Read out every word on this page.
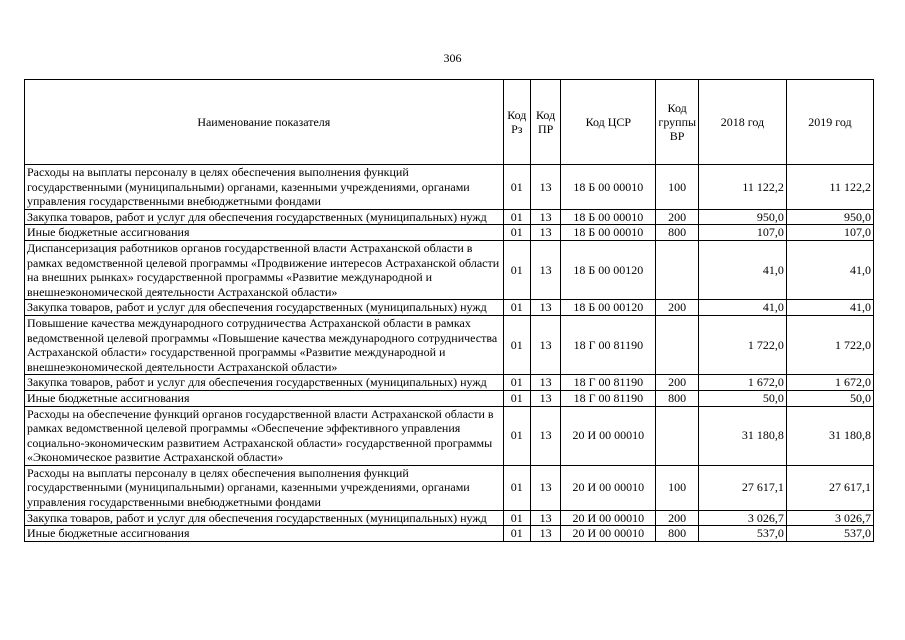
306
Наименование показателя	Код Рз	Код ПР	Код ЦСР	Код группы ВР	2018 год	2019 год
Расходы на выплаты персоналу в целях обеспечения выполнения функций государственными (муниципальными) органами, казенными учреждениями, органами управления государственными внебюджетными фондами	01	13	18 Б 00 00010	100	11 122,2	11 122,2
Закупка товаров, работ и услуг для обеспечения государственных (муниципальных) нужд	01	13	18 Б 00 00010	200	950,0	950,0
Иные бюджетные ассигнования	01	13	18 Б 00 00010	800	107,0	107,0
Диспансеризация работников органов государственной власти Астраханской области в рамках ведомственной целевой программы «Продвижение интересов Астраханской области на внешних рынках» государственной программы «Развитие международной и внешнеэкономической деятельности Астраханской области»	01	13	18 Б 00 00120		41,0	41,0
Закупка товаров, работ и услуг для обеспечения государственных (муниципальных) нужд	01	13	18 Б 00 00120	200	41,0	41,0
Повышение качества международного сотрудничества Астраханской области в рамках ведомственной целевой программы «Повышение качества международного сотрудничества Астраханской области» государственной программы «Развитие международной и внешнеэкономической деятельности Астраханской области»	01	13	18 Г 00 81190		1 722,0	1 722,0
Закупка товаров, работ и услуг для обеспечения государственных (муниципальных) нужд	01	13	18 Г 00 81190	200	1 672,0	1 672,0
Иные бюджетные ассигнования	01	13	18 Г 00 81190	800	50,0	50,0
Расходы на обеспечение функций органов государственной власти Астраханской области в рамках ведомственной целевой программы «Обеспечение эффективного управления социально-экономическим развитием Астраханской области» государственной программы «Экономическое развитие Астраханской области»	01	13	20 И 00 00010		31 180,8	31 180,8
Расходы на выплаты персоналу в целях обеспечения выполнения функций государственными (муниципальными) органами, казенными учреждениями, органами управления государственными внебюджетными фондами	01	13	20 И 00 00010	100	27 617,1	27 617,1
Закупка товаров, работ и услуг для обеспечения государственных (муниципальных) нужд	01	13	20 И 00 00010	200	3 026,7	3 026,7
Иные бюджетные ассигнования	01	13	20 И 00 00010	800	537,0	537,0
